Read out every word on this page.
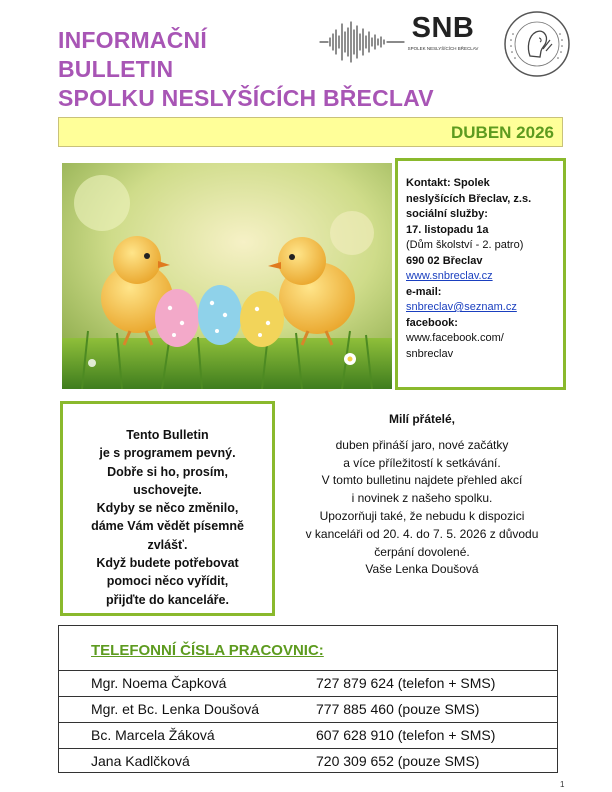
INFORMAČNÍ
BULLETIN
SPOLKU NESLYŠÍCÍCH BŘECLAV
SNB
SPOLEK NESLYŠÍCÍCH BŘECLAV
DUBEN 2026
Kontakt: Spolek
neslyšících Břeclav, z.s.
sociální služby:
17. listopadu 1a
(Dům školství - 2. patro)
690 02 Břeclav
www.snbreclav.cz
e-mail:
snbreclav@seznam.cz
facebook:
www.facebook.com/
snbreclav
Tento Bulletin
je s programem pevný.
Dobře si ho, prosím,
uschovejte.
Kdyby se něco změnilo,
dáme Vám vědět písemně
zvlášť.
Když budete potřebovat
pomoci něco vyřídit,
přijďte do kanceláře.
Milí přátelé,
duben přináší jaro, nové začátky
a více příležitostí k setkávání.
V tomto bulletinu najdete přehled akcí
i novinek z našeho spolku.
Upozorňuji také, že nebudu k dispozici
v kanceláři od 20. 4. do 7. 5. 2026 z důvodu
čerpání dovolené.
Vaše Lenka Doušová
TELEFONNÍ ČÍSLA PRACOVNIC:
Mgr. Noema Čapková	727 879 624 (telefon + SMS)
Mgr. et Bc. Lenka Doušová	777 885 460 (pouze SMS)
Bc. Marcela Žáková	607 628 910 (telefon + SMS)
Jana Kadlčková	720 309 652 (pouze SMS)
1
